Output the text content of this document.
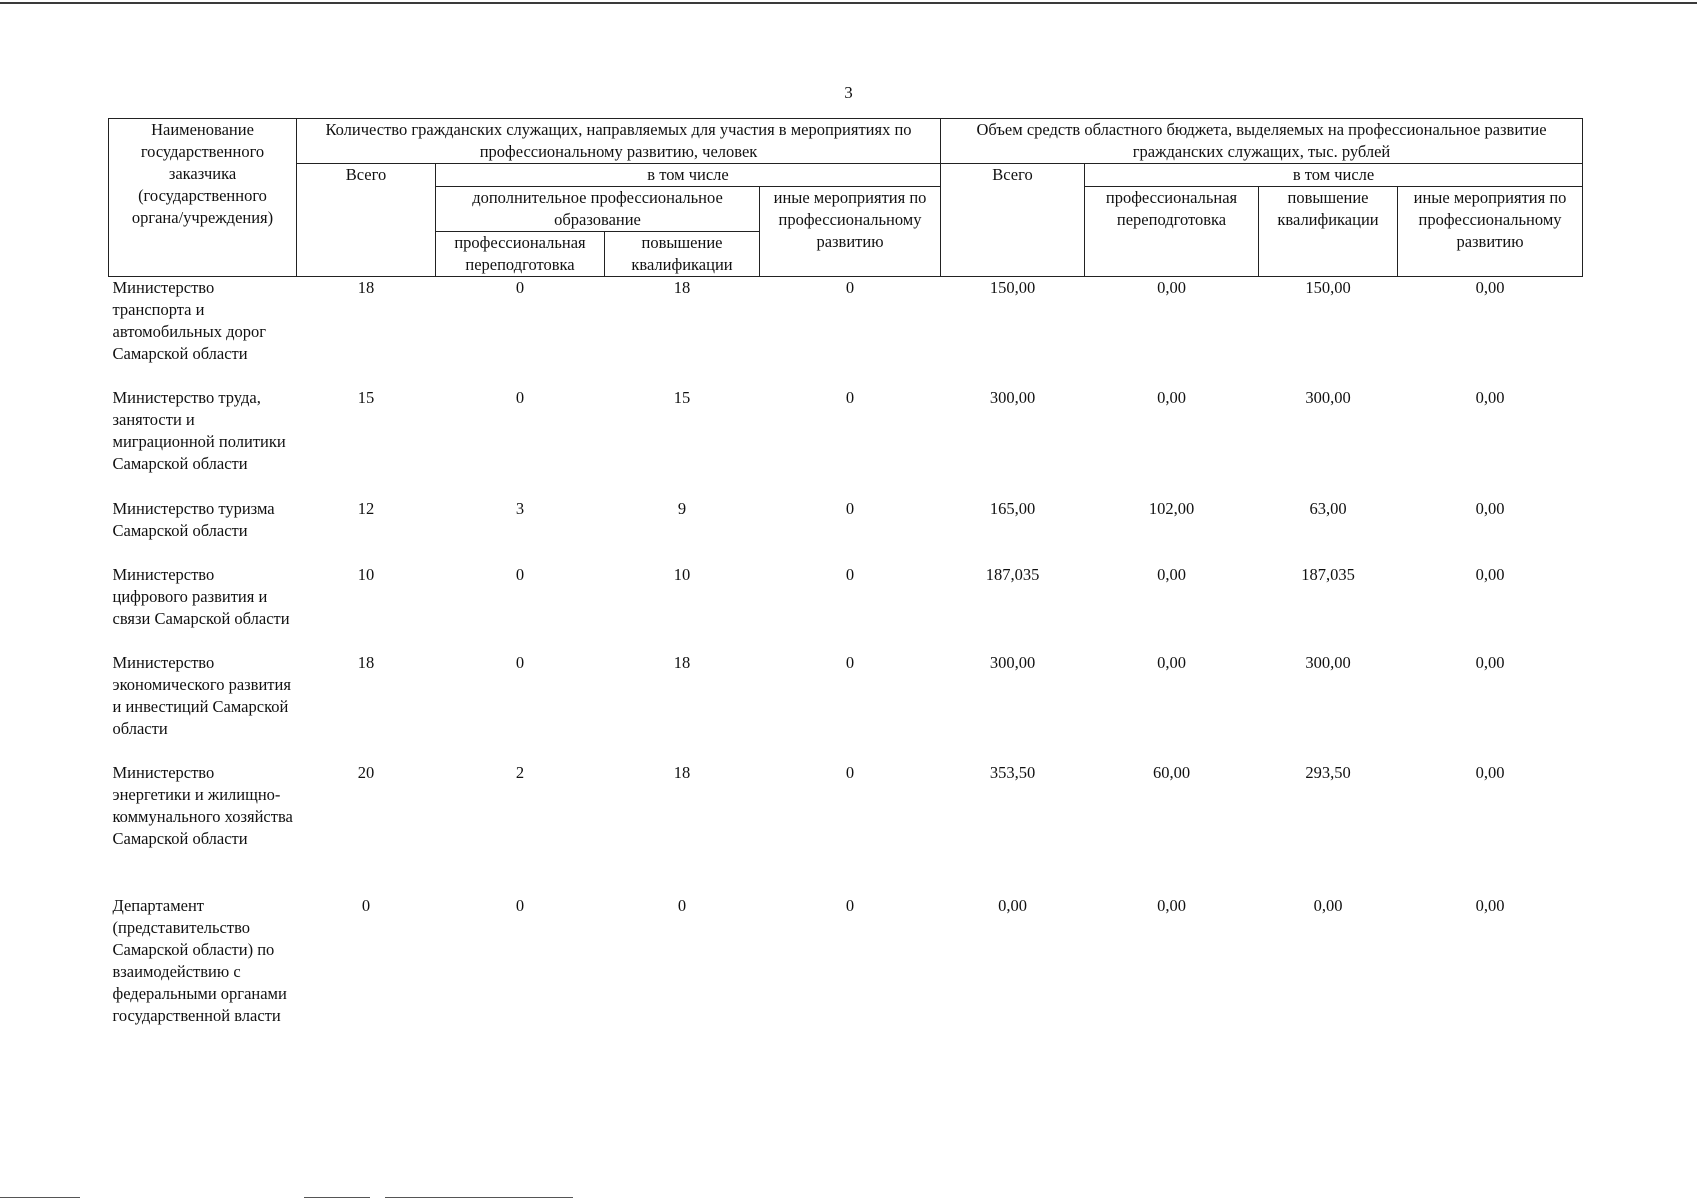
3
Наименование государственного заказчика (государственного органа/учреждения)	Количество гражданских служащих, направляемых для участия в мероприятиях по профессиональному развитию, человек				Объем средств областного бюджета, выделяемых на профессиональное развитие гражданских служащих, тыс. рублей			
	Всего	в том числе			Всего	в том числе		
		дополнительное профессиональное образование		иные мероприятия по профессиональному развитию		профессиональная переподготовка	повышение квалификации	иные мероприятия по профессиональному развитию
		профессиональная переподготовка	повышение квалификации					
Министерство транспорта и автомобильных дорог Самарской области	18	0	18	0	150,00	0,00	150,00	0,00
Министерство труда, занятости и миграционной политики Самарской области	15	0	15	0	300,00	0,00	300,00	0,00
Министерство туризма Самарской области	12	3	9	0	165,00	102,00	63,00	0,00
Министерство цифрового развития и связи Самарской области	10	0	10	0	187,035	0,00	187,035	0,00
Министерство экономического развития и инвестиций Самарской области	18	0	18	0	300,00	0,00	300,00	0,00
Министерство энергетики и жилищно-коммунального хозяйства Самарской области	20	2	18	0	353,50	60,00	293,50	0,00
Департамент (представительство Самарской области) по взаимодействию с федеральными органами государственной власти	0	0	0	0	0,00	0,00	0,00	0,00
